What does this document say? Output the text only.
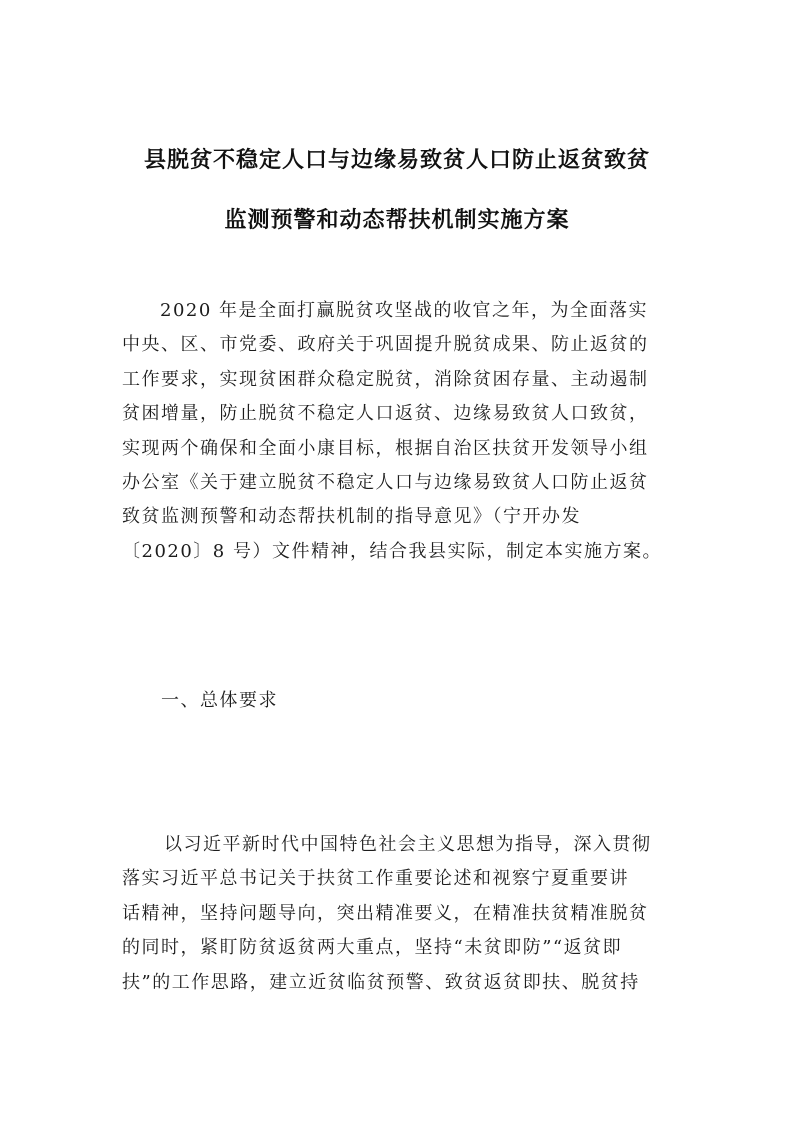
县脱贫不稳定人口与边缘易致贫人口防止返贫致贫
监测预警和动态帮扶机制实施方案
2020 年是全面打赢脱贫攻坚战的收官之年，为全面落实
中央、区、市党委、政府关于巩固提升脱贫成果、防止返贫的
工作要求，实现贫困群众稳定脱贫，消除贫困存量、主动遏制
贫困增量，防止脱贫不稳定人口返贫、边缘易致贫人口致贫，
实现两个确保和全面小康目标，根据自治区扶贫开发领导小组
办公室《关于建立脱贫不稳定人口与边缘易致贫人口防止返贫
致贫监测预警和动态帮扶机制的指导意见》（宁开办发
〔2020〕8 号）文件精神，结合我县实际，制定本实施方案。
一、总体要求
以习近平新时代中国特色社会主义思想为指导，深入贯彻
落实习近平总书记关于扶贫工作重要论述和视察宁夏重要讲
话精神，坚持问题导向，突出精准要义，在精准扶贫精准脱贫
的同时，紧盯防贫返贫两大重点，坚持“未贫即防”“返贫即
扶”的工作思路，建立近贫临贫预警、致贫返贫即扶、脱贫持
